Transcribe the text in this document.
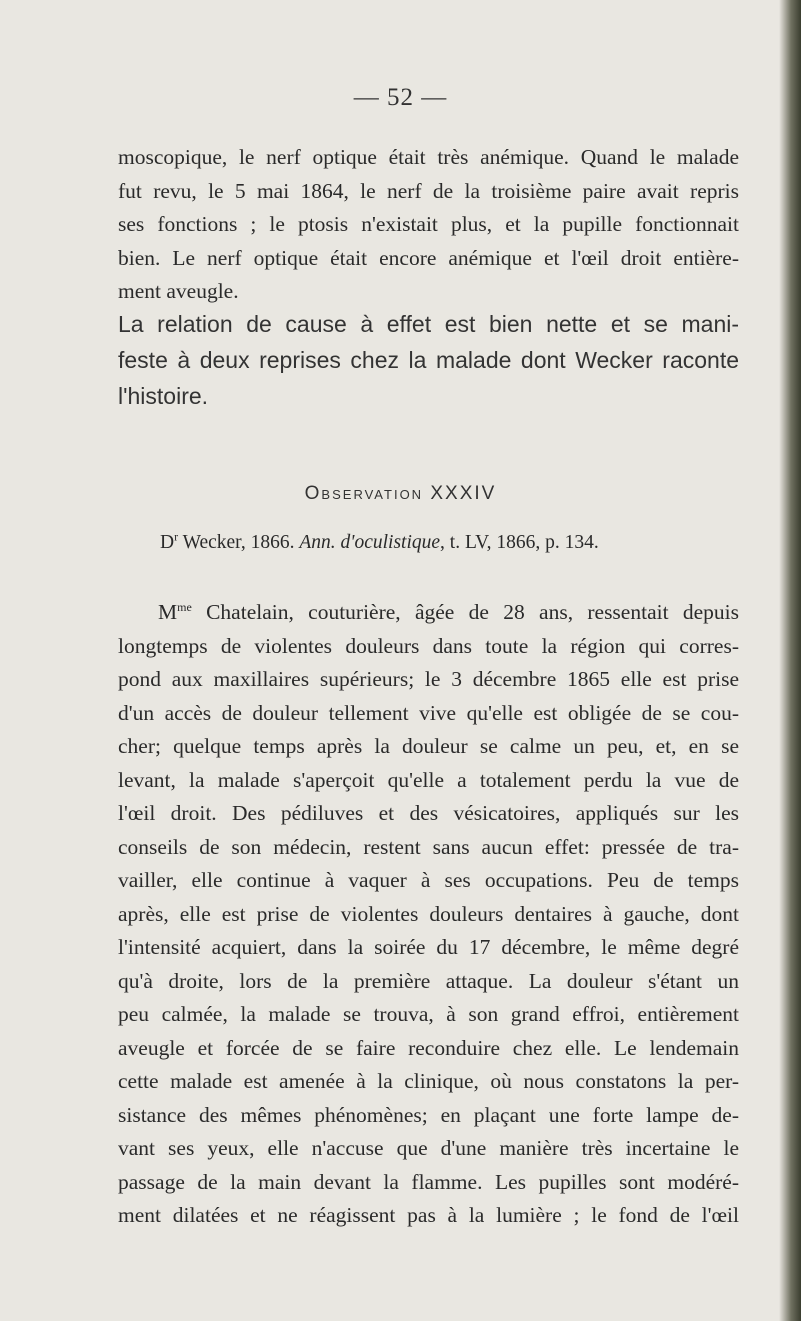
— 52 —

moscopique, le nerf optique était très anémique. Quand le malade
fut revu, le 5 mai 1864, le nerf de la troisième paire avait repris
ses fonctions ; le ptosis n'existait plus, et la pupille fonctionnait
bien. Le nerf optique était encore anémique et l'œil droit entière-
ment aveugle.
La relation de cause à effet est bien nette et se mani-
feste à deux reprises chez la malade dont Wecker raconte
l'histoire.

Observation XXXIV

$D^r$ Wecker, 1866. Ann. d'oculistique, t. LV, 1866, p. 134.

$M^{me}$ Chatelain, couturière, âgée de 28 ans, ressentait depuis
longtemps de violentes douleurs dans toute la région qui corres-
pond aux maxillaires supérieurs; le 3 décembre 1865 elle est prise
d'un accès de douleur tellement vive qu'elle est obligée de se cou-
cher; quelque temps après la douleur se calme un peu, et, en se
levant, la malade s'aperçoit qu'elle a totalement perdu la vue de
l'œil droit. Des pédiluves et des vésicatoires, appliqués sur les
conseils de son médecin, restent sans aucun effet: pressée de tra-
vailler, elle continue à vaquer à ses occupations. Peu de temps
après, elle est prise de violentes douleurs dentaires à gauche, dont
l'intensité acquiert, dans la soirée du 17 décembre, le même degré
qu'à droite, lors de la première attaque. La douleur s'étant un
peu calmée, la malade se trouva, à son grand effroi, entièrement
aveugle et forcée de se faire reconduire chez elle. Le lendemain
cette malade est amenée à la clinique, où nous constatons la per-
sistance des mêmes phénomènes; en plaçant une forte lampe de-
vant ses yeux, elle n'accuse que d'une manière très incertaine le
passage de la main devant la flamme. Les pupilles sont modéré-
ment dilatées et ne réagissent pas à la lumière ; le fond de l'œil
